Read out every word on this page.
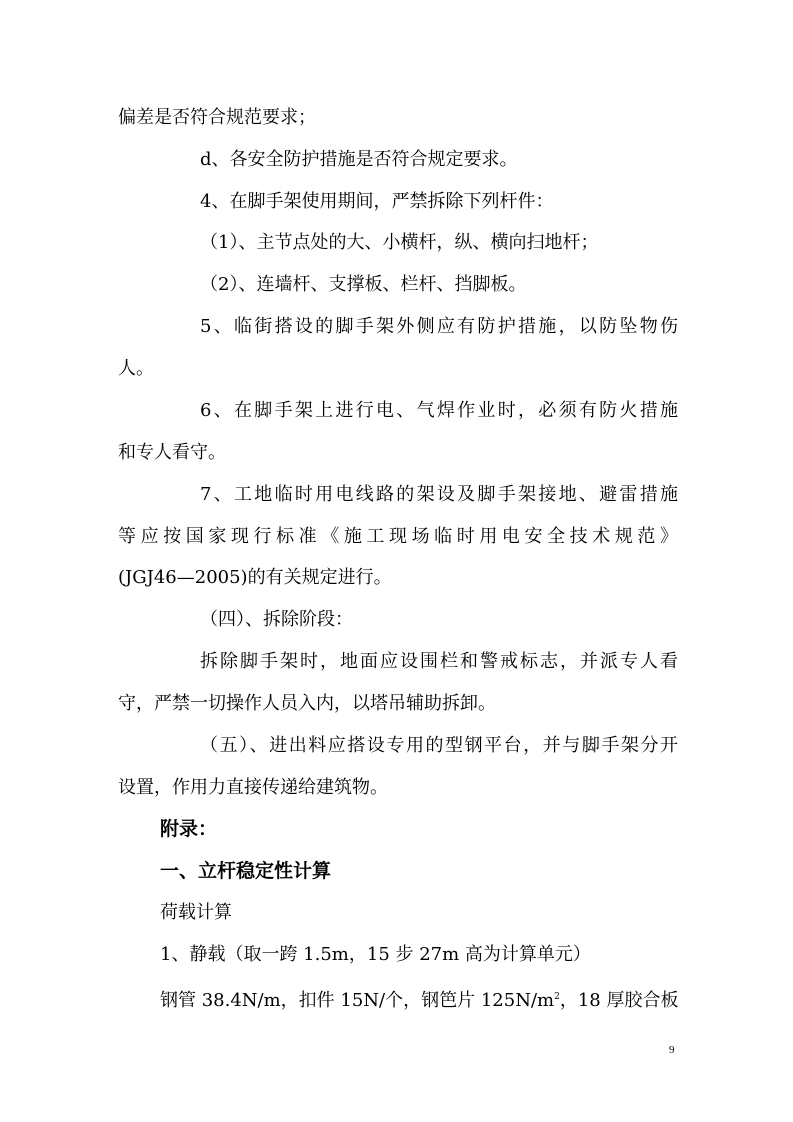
偏差是否符合规范要求；
d、各安全防护措施是否符合规定要求。
4、在脚手架使用期间，严禁拆除下列杆件：
（1）、主节点处的大、小横杆，纵、横向扫地杆；
（2）、连墙杆、支撑板、栏杆、挡脚板。
5、临街搭设的脚手架外侧应有防护措施，以防坠物伤
人。
6、在脚手架上进行电、气焊作业时，必须有防火措施
和专人看守。
7、工地临时用电线路的架设及脚手架接地、避雷措施
等应按国家现行标准《施工现场临时用电安全技术规范》
(JGJ46—2005)的有关规定进行。
（四）、拆除阶段：
拆除脚手架时，地面应设围栏和警戒标志，并派专人看
守，严禁一切操作人员入内，以塔吊辅助拆卸。
（五）、进出料应搭设专用的型钢平台，并与脚手架分开
设置，作用力直接传递给建筑物。
附录：
一、立杆稳定性计算
荷载计算
1、静载（取一跨 1.5m，15 步 27m 高为计算单元）
钢管 38.4N/m，扣件 15N/个，钢笆片 $125N/m^2$，18 厚胶合板
9
